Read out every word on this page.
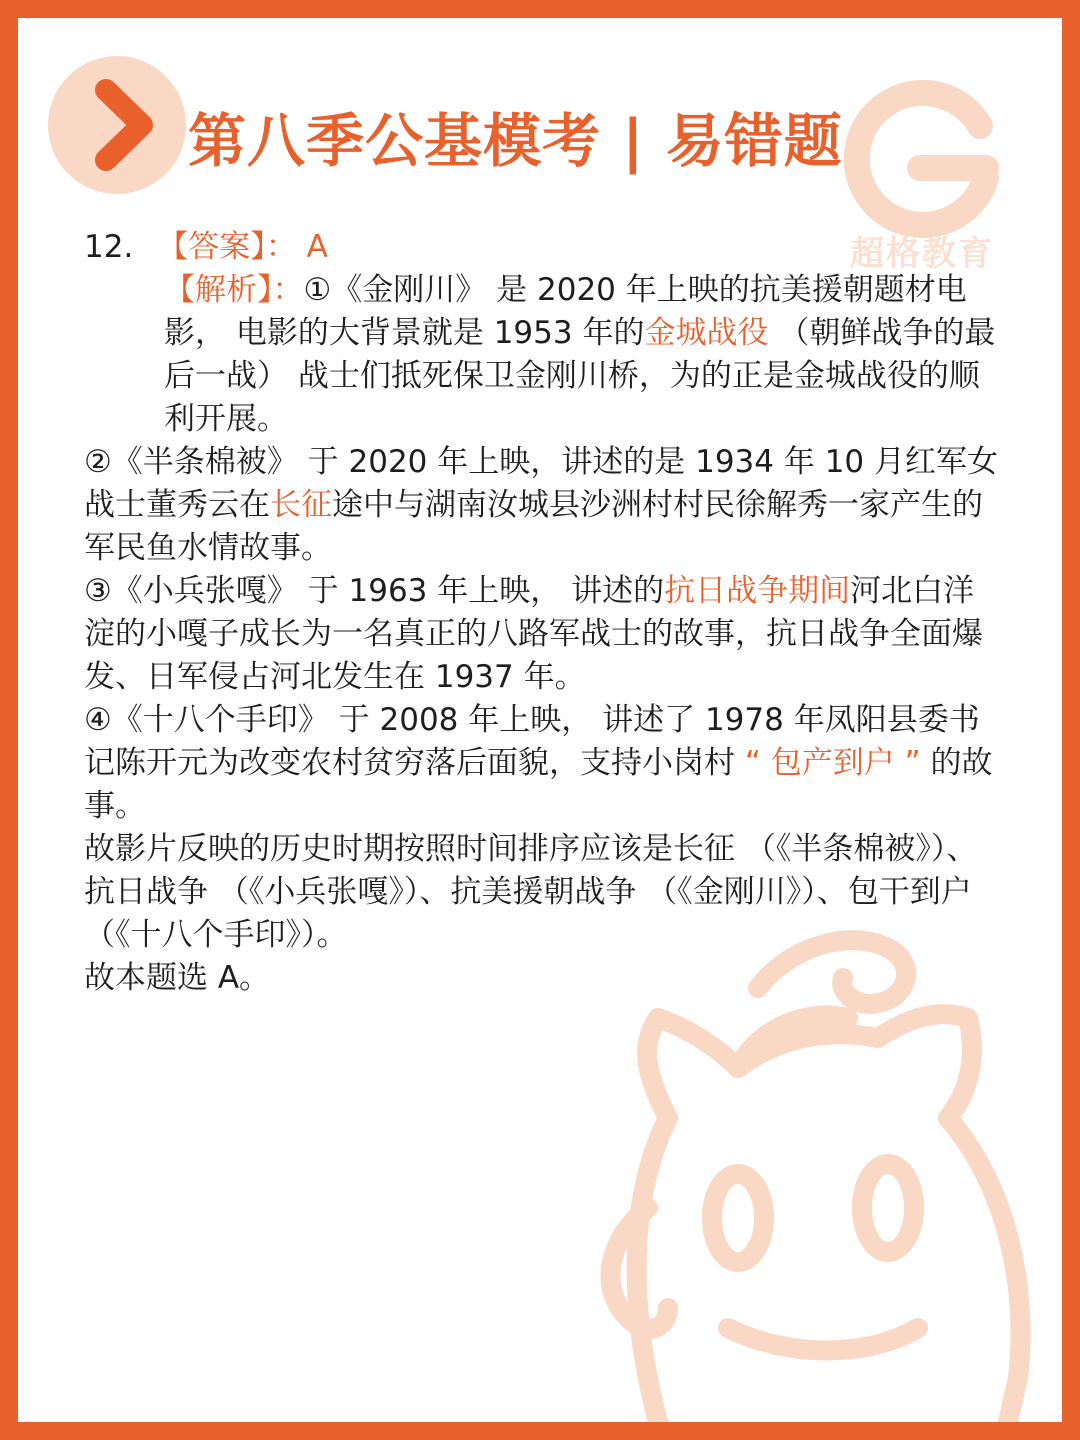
超格教育
第八季公基模考 | 易错题

12. 【答案】： A

【解析】：①《金刚川》 是 2020 年上映的抗美援朝题材电影， 电影的大背景就是 1953 年的金城战役 （朝鲜战争的最后一战） 战士们抵死保卫金刚川桥，为的正是金城战役的顺利开展。

②《半条棉被》 于 2020 年上映，讲述的是 1934 年 10 月红军女战士董秀云在长征途中与湖南汝城县沙洲村村民徐解秀一家产生的军民鱼水情故事。

③《小兵张嘎》 于 1963 年上映， 讲述的抗日战争期间河北白洋淀的小嘎子成长为一名真正的八路军战士的故事，抗日战争全面爆发、日军侵占河北发生在 1937 年。

④《十八个手印》 于 2008 年上映， 讲述了 1978 年凤阳县委书记陈开元为改变农村贫穷落后面貌，支持小岗村 “ 包产到户 ” 的故事。

故影片反映的历史时期按照时间排序应该是长征 （《半条棉被》）、抗日战争 （《小兵张嘎》）、抗美援朝战争 （《金刚川》）、包干到户 （《十八个手印》）。

故本题选 A。
